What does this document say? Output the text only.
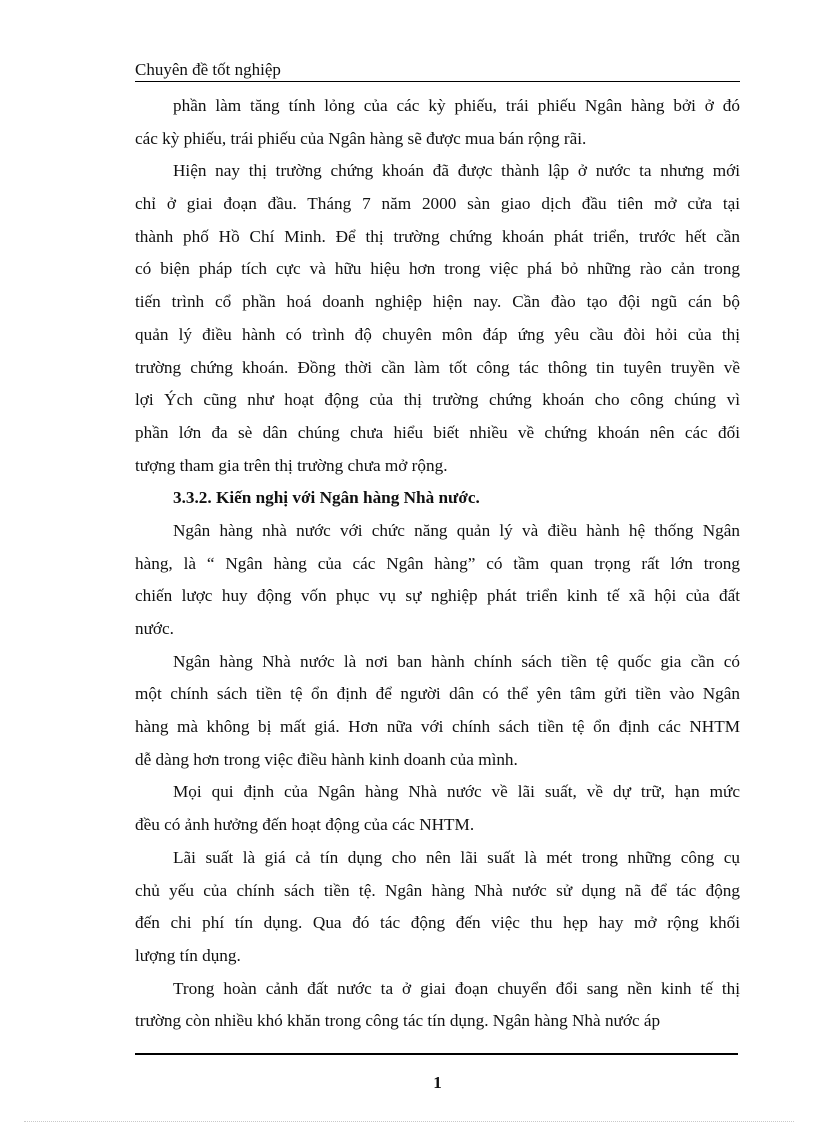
Chuyên đề tốt nghiệp
phần làm tăng tính lỏng của các kỳ phiếu, trái phiếu Ngân hàng bởi ở đó
các kỳ phiếu, trái phiếu của Ngân hàng sẽ được mua bán rộng rãi.
Hiện nay thị trường chứng khoán đã được thành lập ở nước ta nhưng mới
chỉ ở giai đoạn đầu. Tháng 7 năm 2000 sàn giao dịch đầu tiên mở cửa tại
thành phố Hồ Chí Minh. Để thị trường chứng khoán phát triển, trước hết cần
có biện pháp tích cực và hữu hiệu hơn trong việc phá bỏ những rào cản trong
tiến trình cổ phần hoá doanh nghiệp hiện nay. Cần đào tạo đội ngũ cán bộ
quản lý điều hành có trình độ chuyên môn đáp ứng yêu cầu đòi hỏi của thị
trường chứng khoán. Đồng thời cần làm tốt công tác thông tin tuyên truyền về
lợi Ých cũng như hoạt động của thị trường chứng khoán cho công chúng vì
phần lớn đa sè dân chúng chưa hiểu biết nhiều về chứng khoán nên các đối
tượng tham gia trên thị trường chưa mở rộng.
3.3.2. Kiến nghị với Ngân hàng Nhà nước.
Ngân hàng nhà nước với chức năng quản lý và điều hành hệ thống Ngân
hàng, là “ Ngân hàng của các Ngân hàng” có tầm quan trọng rất lớn trong
chiến lược huy động vốn phục vụ sự nghiệp phát triển kinh tế xã hội của đất
nước.
Ngân hàng Nhà nước là nơi ban hành chính sách tiền tệ quốc gia cần có
một chính sách tiền tệ ổn định để người dân có thể yên tâm gửi tiền vào Ngân
hàng mà không bị mất giá. Hơn nữa với chính sách tiền tệ ổn định các NHTM
dễ dàng hơn trong việc điều hành kinh doanh của mình.
Mọi qui định của Ngân hàng Nhà nước về lãi suất, về dự trữ, hạn mức
đều có ảnh hưởng đến hoạt động của các NHTM.
Lãi suất là giá cả tín dụng cho nên lãi suất là mét trong những công cụ
chủ yếu của chính sách tiền tệ. Ngân hàng Nhà nước sử dụng nã để tác động
đến chi phí tín dụng. Qua đó tác động đến việc thu hẹp hay mở rộng khối
lượng tín dụng.
Trong hoàn cảnh đất nước ta ở giai đoạn chuyển đổi sang nền kinh tế thị
trường còn nhiều khó khăn trong công tác tín dụng. Ngân hàng Nhà nước áp
1
